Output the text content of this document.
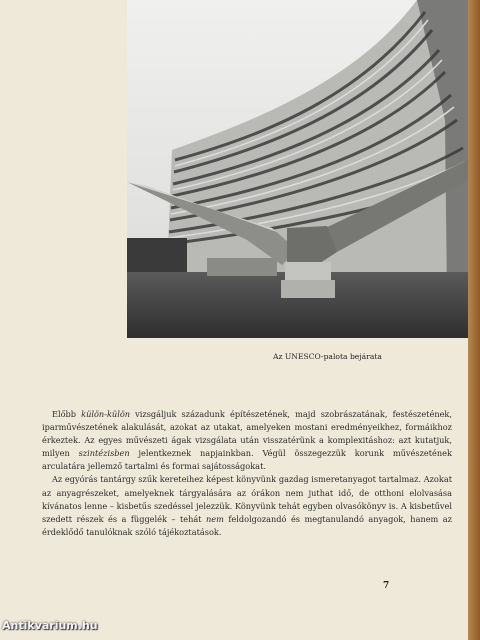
Az UNESCO-palota bejárata

Előbb külön-külön vizsgáljuk századunk építészetének, majd szobrászatának, festészetének, iparművészetének alakulását, azokat az utakat, amelyeken mostani eredményeikhez, formáikhoz érkeztek. Az egyes művészeti ágak vizsgálata után visszatérünk a komplexitáshoz: azt kutatjuk, milyen szintézisben jelentkeznek napjainkban. Végül összegezzük korunk művészetének arculatára jellemző tartalmi és formai sajátosságokat.

Az egyórás tantárgy szűk kereteihez képest könyvünk gazdag ismeretanyagot tartalmaz. Azokat az anyagrészeket, amelyeknek tárgyalására az órákon nem juthat idő, de otthoni elolvasása kívánatos lenne – kisbetűs szedéssel jelezzük. Könyvünk tehát egyben olvasókönyv is. A kisbetűvel szedett részek és a függelék – tehát nem feldolgozandó és megtanulandó anyagok, hanem az érdeklődő tanulóknak szóló tájékoztatások.

7
Antikvarium.hu
